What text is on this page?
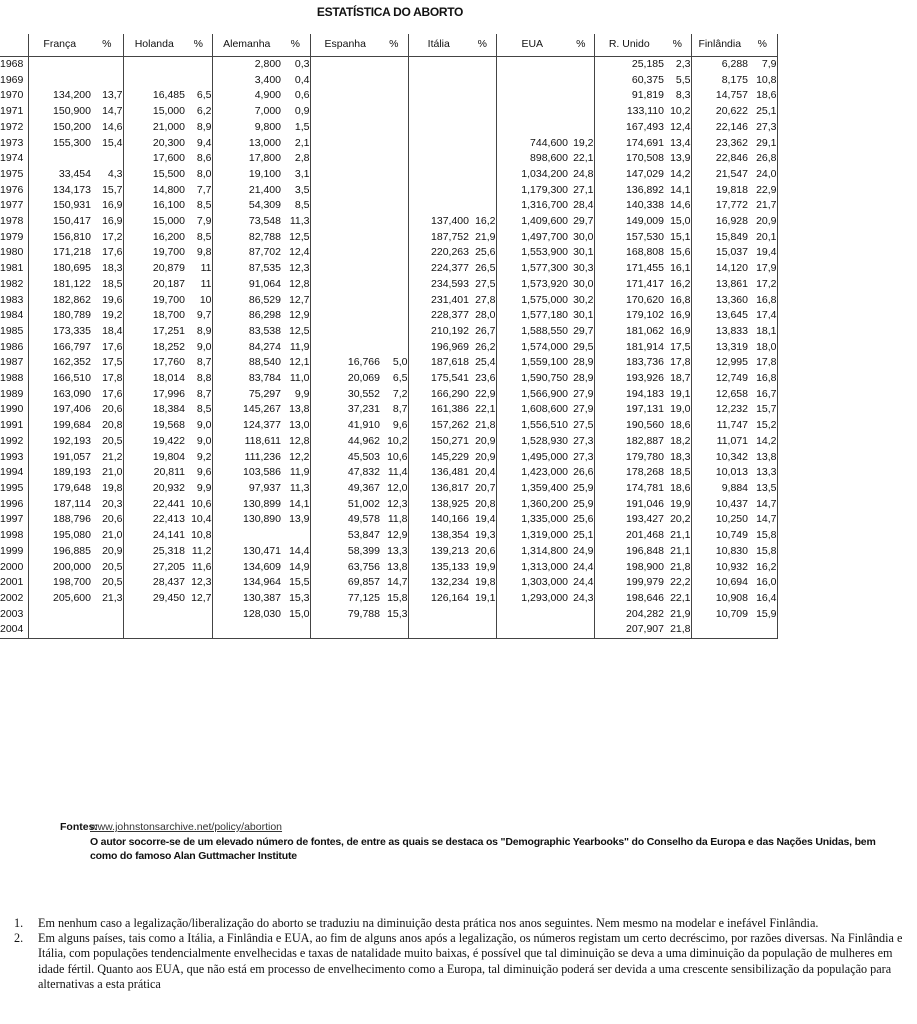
ESTATÍSTICA DO ABORTO
	França	%	Holanda	%	Alemanha	%	Espanha	%	Itália	%	EUA	%	R. Unido	%	Finlândia	%
1968					2,800	0,3							25,185	2,3	6,288	7,9
1969					3,400	0,4							60,375	5,5	8,175	10,8
1970	134,200	13,7	16,485	6,5	4,900	0,6							91,819	8,3	14,757	18,6
1971	150,900	14,7	15,000	6,2	7,000	0,9							133,110	10,2	20,622	25,1
1972	150,200	14,6	21,000	8,9	9,800	1,5							167,493	12,4	22,146	27,3
1973	155,300	15,4	20,300	9,4	13,000	2,1					744,600	19,2	174,691	13,4	23,362	29,1
1974			17,600	8,6	17,800	2,8					898,600	22,1	170,508	13,9	22,846	26,8
1975	33,454	4,3	15,500	8,0	19,100	3,1					1,034,200	24,8	147,029	14,2	21,547	24,0
1976	134,173	15,7	14,800	7,7	21,400	3,5					1,179,300	27,1	136,892	14,1	19,818	22,9
1977	150,931	16,9	16,100	8,5	54,309	8,5					1,316,700	28,4	140,338	14,6	17,772	21,7
1978	150,417	16,9	15,000	7,9	73,548	11,3			137,400	16,2	1,409,600	29,7	149,009	15,0	16,928	20,9
1979	156,810	17,2	16,200	8,5	82,788	12,5			187,752	21,9	1,497,700	30,0	157,530	15,1	15,849	20,1
1980	171,218	17,6	19,700	9,8	87,702	12,4			220,263	25,6	1,553,900	30,1	168,808	15,6	15,037	19,4
1981	180,695	18,3	20,879	11	87,535	12,3			224,377	26,5	1,577,300	30,3	171,455	16,1	14,120	17,9
1982	181,122	18,5	20,187	11	91,064	12,8			234,593	27,5	1,573,920	30,0	171,417	16,2	13,861	17,2
1983	182,862	19,6	19,700	10	86,529	12,7			231,401	27,8	1,575,000	30,2	170,620	16,8	13,360	16,8
1984	180,789	19,2	18,700	9,7	86,298	12,9			228,377	28,0	1,577,180	30,1	179,102	16,9	13,645	17,4
1985	173,335	18,4	17,251	8,9	83,538	12,5			210,192	26,7	1,588,550	29,7	181,062	16,9	13,833	18,1
1986	166,797	17,6	18,252	9,0	84,274	11,9			196,969	26,2	1,574,000	29,5	181,914	17,5	13,319	18,0
1987	162,352	17,5	17,760	8,7	88,540	12,1	16,766	5,0	187,618	25,4	1,559,100	28,9	183,736	17,8	12,995	17,8
1988	166,510	17,8	18,014	8,8	83,784	11,0	20,069	6,5	175,541	23,6	1,590,750	28,9	193,926	18,7	12,749	16,8
1989	163,090	17,6	17,996	8,7	75,297	9,9	30,552	7,2	166,290	22,9	1,566,900	27,9	194,183	19,1	12,658	16,7
1990	197,406	20,6	18,384	8,5	145,267	13,8	37,231	8,7	161,386	22,1	1,608,600	27,9	197,131	19,0	12,232	15,7
1991	199,684	20,8	19,568	9,0	124,377	13,0	41,910	9,6	157,262	21,8	1,556,510	27,5	190,560	18,6	11,747	15,2
1992	192,193	20,5	19,422	9,0	118,611	12,8	44,962	10,2	150,271	20,9	1,528,930	27,3	182,887	18,2	11,071	14,2
1993	191,057	21,2	19,804	9,2	111,236	12,2	45,503	10,6	145,229	20,9	1,495,000	27,3	179,780	18,3	10,342	13,8
1994	189,193	21,0	20,811	9,6	103,586	11,9	47,832	11,4	136,481	20,4	1,423,000	26,6	178,268	18,5	10,013	13,3
1995	179,648	19,8	20,932	9,9	97,937	11,3	49,367	12,0	136,817	20,7	1,359,400	25,9	174,781	18,6	9,884	13,5
1996	187,114	20,3	22,441	10,6	130,899	14,1	51,002	12,3	138,925	20,8	1,360,200	25,9	191,046	19,9	10,437	14,7
1997	188,796	20,6	22,413	10,4	130,890	13,9	49,578	11,8	140,166	19,4	1,335,000	25,6	193,427	20,2	10,250	14,7
1998	195,080	21,0	24,141	10,8			53,847	12,9	138,354	19,3	1,319,000	25,1	201,468	21,1	10,749	15,8
1999	196,885	20,9	25,318	11,2	130,471	14,4	58,399	13,3	139,213	20,6	1,314,800	24,9	196,848	21,1	10,830	15,8
2000	200,000	20,5	27,205	11,6	134,609	14,9	63,756	13,8	135,133	19,9	1,313,000	24,4	198,900	21,8	10,932	16,2
2001	198,700	20,5	28,437	12,3	134,964	15,5	69,857	14,7	132,234	19,8	1,303,000	24,4	199,979	22,2	10,694	16,0
2002	205,600	21,3	29,450	12,7	130,387	15,3	77,125	15,8	126,164	19,1	1,293,000	24,3	198,646	22,1	10,908	16,4
2003					128,030	15,0	79,788	15,3					204,282	21,9	10,709	15,9
2004													207,907	21,8		
Fontes:
www.johnstonsarchive.net/policy/abortion
O autor socorre-se de um elevado número de fontes, de entre as quais se destaca os "Demographic Yearbooks" do Conselho da Europa e das Nações Unidas, bem como do famoso Alan Guttmacher Institute
1. Em nenhum caso a legalização/liberalização do aborto se traduziu na diminuição desta prática nos anos seguintes. Nem mesmo na modelar e inefável Finlândia.
2. Em alguns países, tais como a Itália, a Finlândia e EUA, ao fim de alguns anos após a legalização, os números registam um certo decréscimo, por razões diversas. Na Finlândia e Itália, com populações tendencialmente envelhecidas e taxas de natalidade muito baixas, é possível que tal diminuição se deva a uma diminuição da população de mulheres em idade fértil. Quanto aos EUA, que não está em processo de envelhecimento como a Europa, tal diminuição poderá ser devida a uma crescente sensibilização da população para alternativas a esta prática
